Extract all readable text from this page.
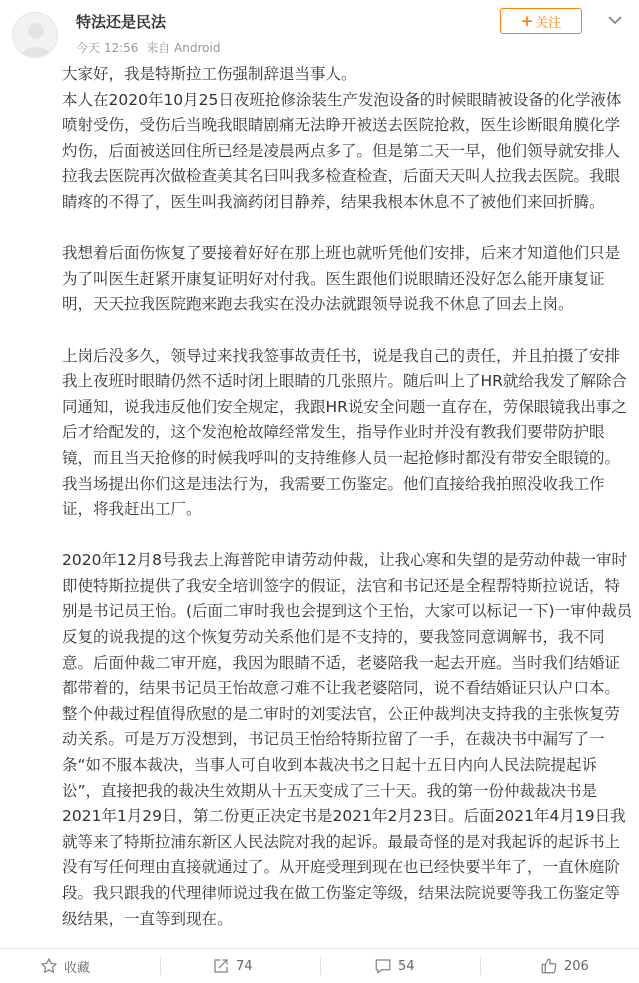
特法还是民法
今天 12:56 来自 Android
+ 关注

大家好，我是特斯拉工伤强制辞退当事人。
本人在2020年10月25日夜班抢修涂装生产发泡设备的时候眼睛被设备的化学液体喷射受伤，受伤后当晚我眼睛剧痛无法睁开被送去医院抢救，医生诊断眼角膜化学灼伤，后面被送回住所已经是凌晨两点多了。但是第二天一早，他们领导就安排人拉我去医院再次做检查美其名曰叫我多检查检查，后面天天叫人拉我去医院。我眼睛疼的不得了，医生叫我滴药闭目静养，结果我根本休息不了被他们来回折腾。

我想着后面伤恢复了要接着好好在那上班也就听凭他们安排，后来才知道他们只是为了叫医生赶紧开康复证明好对付我。医生跟他们说眼睛还没好怎么能开康复证明，天天拉我医院跑来跑去我实在没办法就跟领导说我不休息了回去上岗。

上岗后没多久，领导过来找我签事故责任书，说是我自己的责任，并且拍摄了安排我上夜班时眼睛仍然不适时闭上眼睛的几张照片。随后叫上了HR就给我发了解除合同通知，说我违反他们安全规定，我跟HR说安全问题一直存在，劳保眼镜我出事之后才给配发的，这个发泡枪故障经常发生，指导作业时并没有教我们要带防护眼镜，而且当天抢修的时候我呼叫的支持维修人员一起抢修时都没有带安全眼镜的。我当场提出你们这是违法行为，我需要工伤鉴定。他们直接给我拍照没收我工作证，将我赶出工厂。

2020年12月8号我去上海普陀申请劳动仲裁，让我心寒和失望的是劳动仲裁一审时即使特斯拉提供了我安全培训签字的假证，法官和书记还是全程帮特斯拉说话，特别是书记员王怡。(后面二审时我也会提到这个王怡，大家可以标记一下)一审仲裁员反复的说我提的这个恢复劳动关系他们是不支持的，要我签同意调解书，我不同意。后面仲裁二审开庭，我因为眼睛不适，老婆陪我一起去开庭。当时我们结婚证都带着的，结果书记员王怡故意刁难不让我老婆陪同，说不看结婚证只认户口本。整个仲裁过程值得欣慰的是二审时的刘雯法官，公正仲裁判决支持我的主张恢复劳动关系。可是万万没想到，书记员王怡给特斯拉留了一手，在裁决书中漏写了一条“如不服本裁决，当事人可自收到本裁决书之日起十五日内向人民法院提起诉讼”，直接把我的裁决生效期从十五天变成了三十天。我的第一份仲裁裁决书是2021年1月29日，第二份更正决定书是2021年2月23日。后面2021年4月19日我就等来了特斯拉浦东新区人民法院对我的起诉。最最奇怪的是对我起诉的起诉书上没有写任何理由直接就通过了。从开庭受理到现在也已经快要半年了，一直休庭阶段。我只跟我的代理律师说过我在做工伤鉴定等级，结果法院说要等我工伤鉴定等级结果，一直等到现在。

收藏	74	54	206
